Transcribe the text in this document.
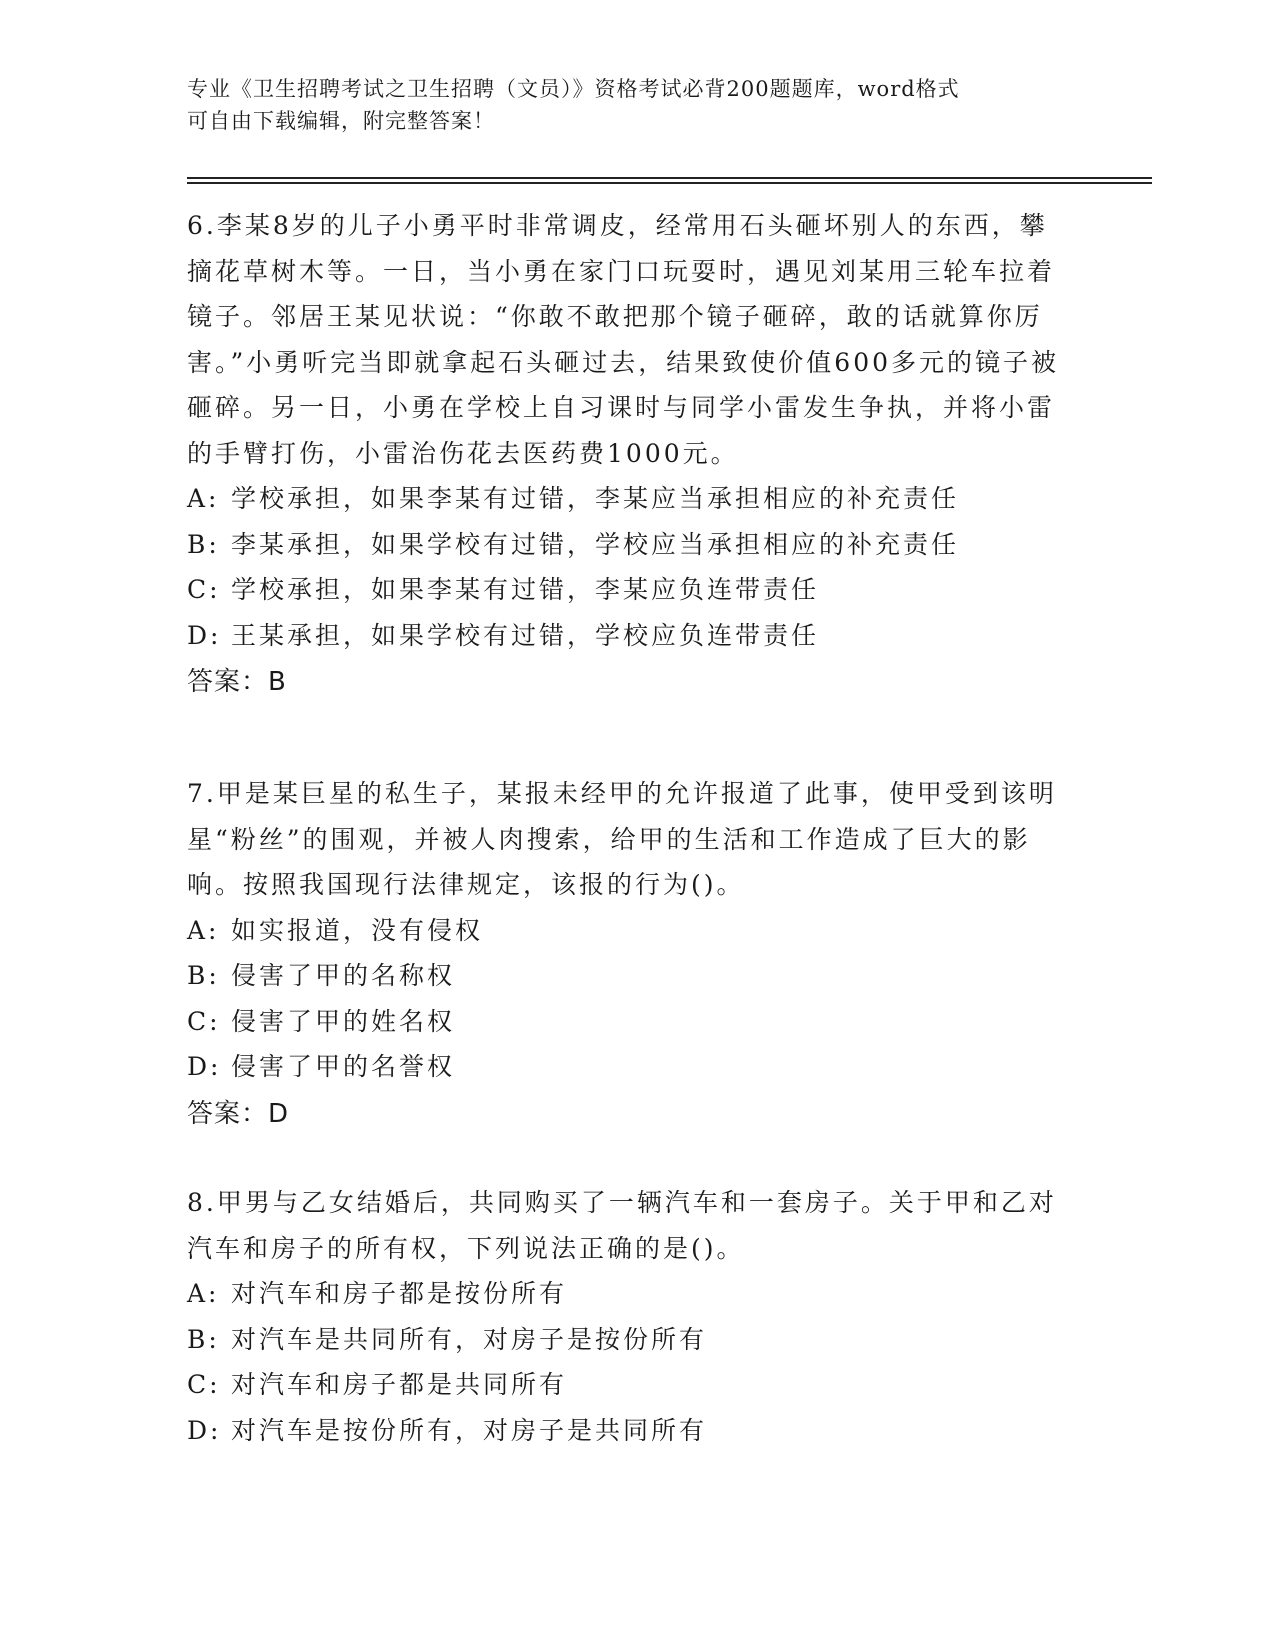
专业《卫生招聘考试之卫生招聘（文员）》资格考试必背200题题库，word格式
可自由下载编辑，附完整答案！
6.李某8岁的儿子小勇平时非常调皮，经常用石头砸坏别人的东西，攀摘花草树木等。一日，当小勇在家门口玩耍时，遇见刘某用三轮车拉着镜子。邻居王某见状说：“你敢不敢把那个镜子砸碎，敢的话就算你厉害。”小勇听完当即就拿起石头砸过去，结果致使价值600多元的镜子被砸碎。另一日，小勇在学校上自习课时与同学小雷发生争执，并将小雷的手臂打伤，小雷治伤花去医药费1000元。
A: 学校承担，如果李某有过错，李某应当承担相应的补充责任
B: 李某承担，如果学校有过错，学校应当承担相应的补充责任
C: 学校承担，如果李某有过错，李某应负连带责任
D: 王某承担，如果学校有过错，学校应负连带责任
答案：B
7.甲是某巨星的私生子，某报未经甲的允许报道了此事，使甲受到该明星“粉丝”的围观，并被人肉搜索，给甲的生活和工作造成了巨大的影响。按照我国现行法律规定，该报的行为()。
A: 如实报道，没有侵权
B: 侵害了甲的名称权
C: 侵害了甲的姓名权
D: 侵害了甲的名誉权
答案：D
8.甲男与乙女结婚后，共同购买了一辆汽车和一套房子。关于甲和乙对汽车和房子的所有权，下列说法正确的是()。
A: 对汽车和房子都是按份所有
B: 对汽车是共同所有，对房子是按份所有
C: 对汽车和房子都是共同所有
D: 对汽车是按份所有，对房子是共同所有
